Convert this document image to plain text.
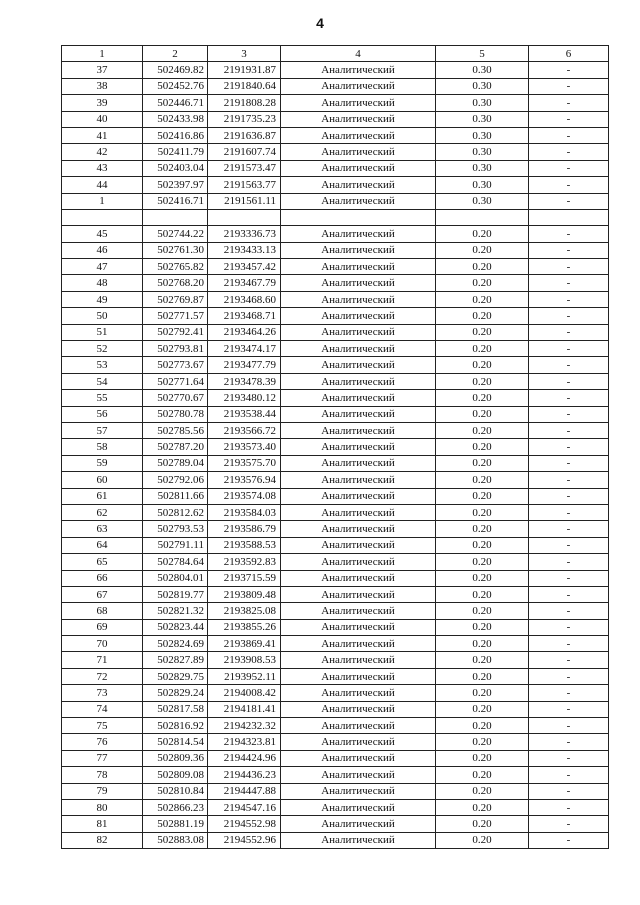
4
1	2	3	4	5	6
37	502469.82	2191931.87	Аналитический	0.30	-
38	502452.76	2191840.64	Аналитический	0.30	-
39	502446.71	2191808.28	Аналитический	0.30	-
40	502433.98	2191735.23	Аналитический	0.30	-
41	502416.86	2191636.87	Аналитический	0.30	-
42	502411.79	2191607.74	Аналитический	0.30	-
43	502403.04	2191573.47	Аналитический	0.30	-
44	502397.97	2191563.77	Аналитический	0.30	-
1	502416.71	2191561.11	Аналитический	0.30	-

45	502744.22	2193336.73	Аналитический	0.20	-
46	502761.30	2193433.13	Аналитический	0.20	-
47	502765.82	2193457.42	Аналитический	0.20	-
48	502768.20	2193467.79	Аналитический	0.20	-
49	502769.87	2193468.60	Аналитический	0.20	-
50	502771.57	2193468.71	Аналитический	0.20	-
51	502792.41	2193464.26	Аналитический	0.20	-
52	502793.81	2193474.17	Аналитический	0.20	-
53	502773.67	2193477.79	Аналитический	0.20	-
54	502771.64	2193478.39	Аналитический	0.20	-
55	502770.67	2193480.12	Аналитический	0.20	-
56	502780.78	2193538.44	Аналитический	0.20	-
57	502785.56	2193566.72	Аналитический	0.20	-
58	502787.20	2193573.40	Аналитический	0.20	-
59	502789.04	2193575.70	Аналитический	0.20	-
60	502792.06	2193576.94	Аналитический	0.20	-
61	502811.66	2193574.08	Аналитический	0.20	-
62	502812.62	2193584.03	Аналитический	0.20	-
63	502793.53	2193586.79	Аналитический	0.20	-
64	502791.11	2193588.53	Аналитический	0.20	-
65	502784.64	2193592.83	Аналитический	0.20	-
66	502804.01	2193715.59	Аналитический	0.20	-
67	502819.77	2193809.48	Аналитический	0.20	-
68	502821.32	2193825.08	Аналитический	0.20	-
69	502823.44	2193855.26	Аналитический	0.20	-
70	502824.69	2193869.41	Аналитический	0.20	-
71	502827.89	2193908.53	Аналитический	0.20	-
72	502829.75	2193952.11	Аналитический	0.20	-
73	502829.24	2194008.42	Аналитический	0.20	-
74	502817.58	2194181.41	Аналитический	0.20	-
75	502816.92	2194232.32	Аналитический	0.20	-
76	502814.54	2194323.81	Аналитический	0.20	-
77	502809.36	2194424.96	Аналитический	0.20	-
78	502809.08	2194436.23	Аналитический	0.20	-
79	502810.84	2194447.88	Аналитический	0.20	-
80	502866.23	2194547.16	Аналитический	0.20	-
81	502881.19	2194552.98	Аналитический	0.20	-
82	502883.08	2194552.96	Аналитический	0.20	-
